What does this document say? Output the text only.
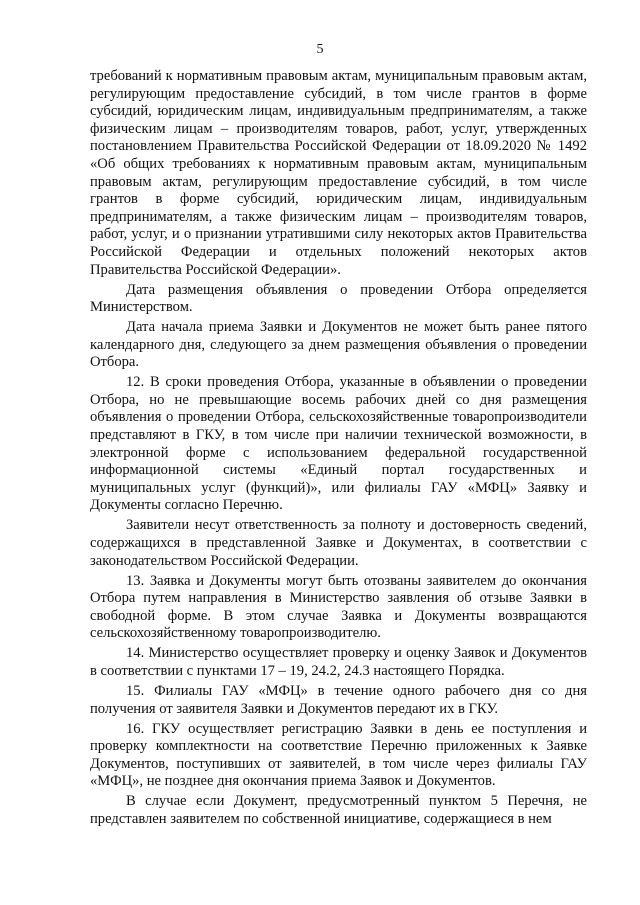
5

требований к нормативным правовым актам, муниципальным правовым актам, регулирующим предоставление субсидий, в том числе грантов в форме субсидий, юридическим лицам, индивидуальным предпринимателям, а также физическим лицам – производителям товаров, работ, услуг, утвержденных постановлением Правительства Российской Федерации от 18.09.2020 № 1492 «Об общих требованиях к нормативным правовым актам, муниципальным правовым актам, регулирующим предоставление субсидий, в том числе грантов в форме субсидий, юридическим лицам, индивидуальным предпринимателям, а также физическим лицам – производителям товаров, работ, услуг, и о признании утратившими силу некоторых актов Правительства Российской Федерации и отдельных положений некоторых актов Правительства Российской Федерации».

Дата размещения объявления о проведении Отбора определяется Министерством.

Дата начала приема Заявки и Документов не может быть ранее пятого календарного дня, следующего за днем размещения объявления о проведении Отбора.

12. В сроки проведения Отбора, указанные в объявлении о проведении Отбора, но не превышающие восемь рабочих дней со дня размещения объявления о проведении Отбора, сельскохозяйственные товаропроизводители представляют в ГКУ, в том числе при наличии технической возможности, в электронной форме с использованием федеральной государственной информационной системы «Единый портал государственных и муниципальных услуг (функций)», или филиалы ГАУ «МФЦ» Заявку и Документы согласно Перечню.

Заявители несут ответственность за полноту и достоверность сведений, содержащихся в представленной Заявке и Документах, в соответствии с законодательством Российской Федерации.

13. Заявка и Документы могут быть отозваны заявителем до окончания Отбора путем направления в Министерство заявления об отзыве Заявки в свободной форме. В этом случае Заявка и Документы возвращаются сельскохозяйственному товаропроизводителю.

14. Министерство осуществляет проверку и оценку Заявок и Документов в соответствии с пунктами 17 – 19, 24.2, 24.3 настоящего Порядка.

15. Филиалы ГАУ «МФЦ» в течение одного рабочего дня со дня получения от заявителя Заявки и Документов передают их в ГКУ.

16. ГКУ осуществляет регистрацию Заявки в день ее поступления и проверку комплектности на соответствие Перечню приложенных к Заявке Документов, поступивших от заявителей, в том числе через филиалы ГАУ «МФЦ», не позднее дня окончания приема Заявок и Документов.

В случае если Документ, предусмотренный пунктом 5 Перечня, не представлен заявителем по собственной инициативе, содержащиеся в нем
